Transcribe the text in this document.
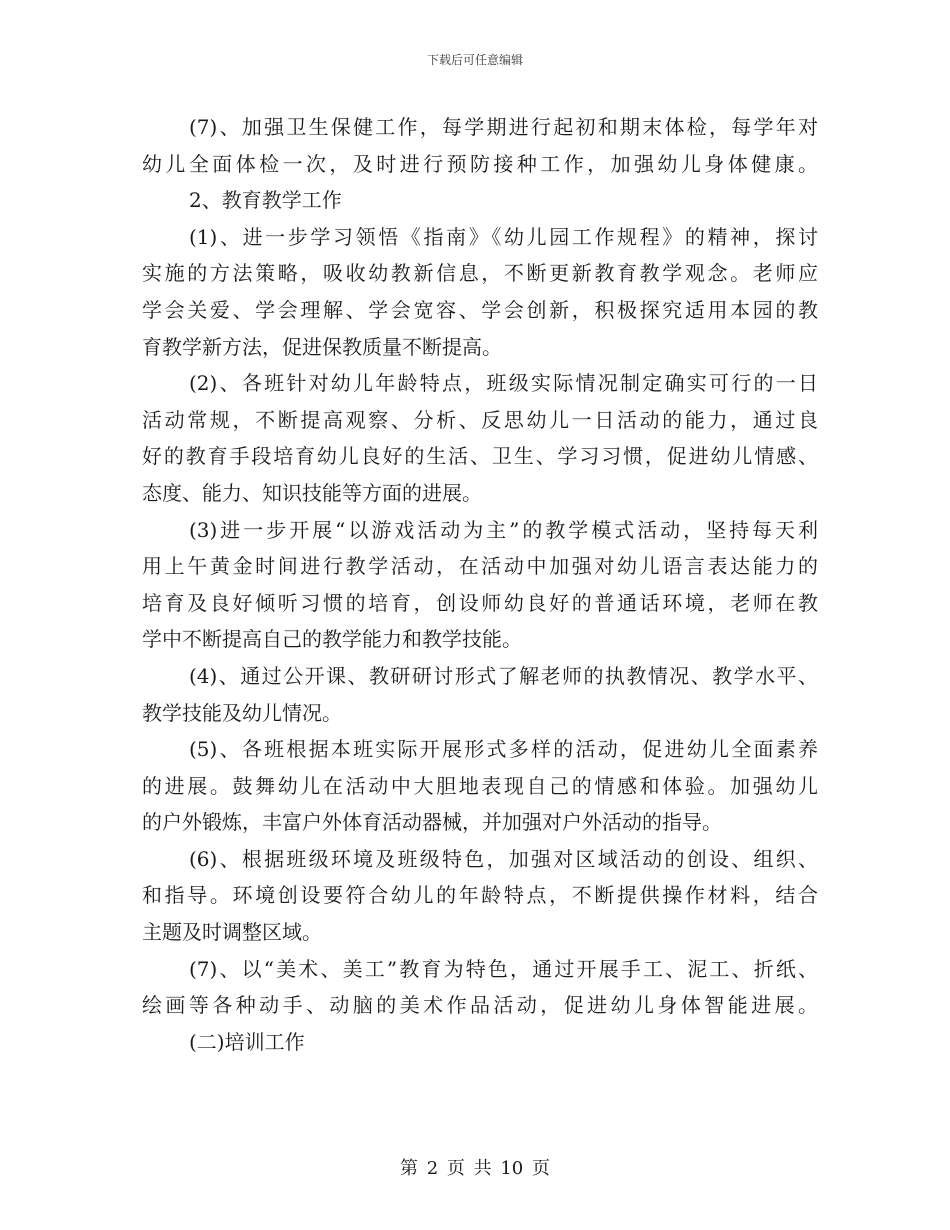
下载后可任意编辑

(7)、加强卫生保健工作，每学期进行起初和期末体检，每学年对
幼儿全面体检一次，及时进行预防接种工作，加强幼儿身体健康。

2、教育教学工作

(1)、进一步学习领悟《指南》《幼儿园工作规程》的精神，探讨
实施的方法策略，吸收幼教新信息，不断更新教育教学观念。老师应
学会关爱、学会理解、学会宽容、学会创新，积极探究适用本园的教
育教学新方法，促进保教质量不断提高。

(2)、各班针对幼儿年龄特点，班级实际情况制定确实可行的一日
活动常规，不断提高观察、分析、反思幼儿一日活动的能力，通过良
好的教育手段培育幼儿良好的生活、卫生、学习习惯，促进幼儿情感、
态度、能力、知识技能等方面的进展。

(3)进一步开展“以游戏活动为主”的教学模式活动，坚持每天利
用上午黄金时间进行教学活动，在活动中加强对幼儿语言表达能力的
培育及良好倾听习惯的培育，创设师幼良好的普通话环境，老师在教
学中不断提高自己的教学能力和教学技能。

(4)、通过公开课、教研研讨形式了解老师的执教情况、教学水平、
教学技能及幼儿情况。

(5)、各班根据本班实际开展形式多样的活动，促进幼儿全面素养
的进展。鼓舞幼儿在活动中大胆地表现自己的情感和体验。加强幼儿
的户外锻炼，丰富户外体育活动器械，并加强对户外活动的指导。

(6)、根据班级环境及班级特色，加强对区域活动的创设、组织、
和指导。环境创设要符合幼儿的年龄特点，不断提供操作材料，结合
主题及时调整区域。

(7)、以“美术、美工”教育为特色，通过开展手工、泥工、折纸、
绘画等各种动手、动脑的美术作品活动，促进幼儿身体智能进展。

(二)培训工作

第 2 页 共 10 页
